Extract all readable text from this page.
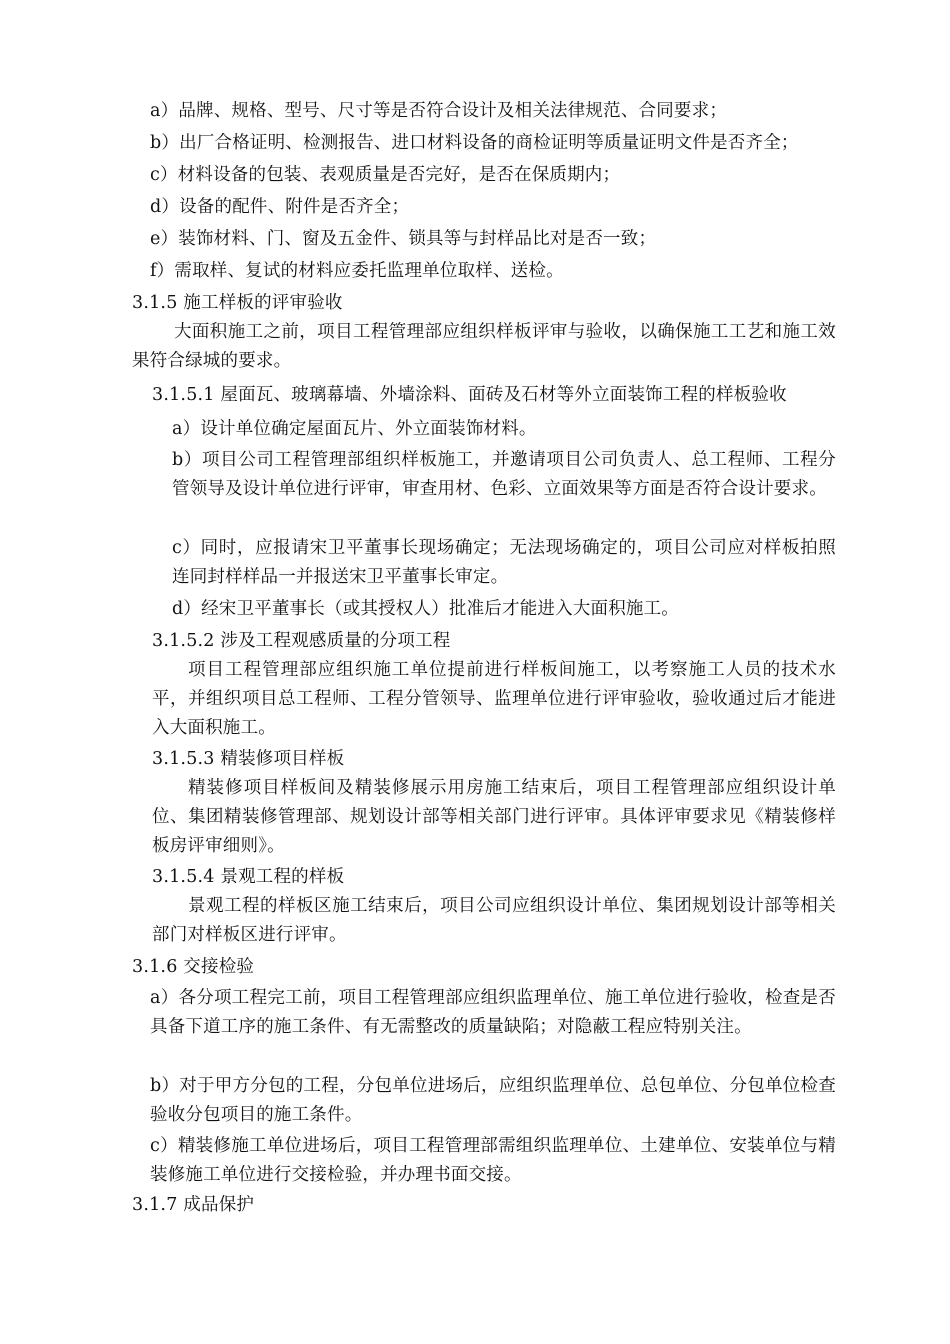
a）品牌、规格、型号、尺寸等是否符合设计及相关法律规范、合同要求；
b）出厂合格证明、检测报告、进口材料设备的商检证明等质量证明文件是否齐全；
c）材料设备的包装、表观质量是否完好，是否在保质期内；
d）设备的配件、附件是否齐全；
e）装饰材料、门、窗及五金件、锁具等与封样品比对是否一致；
f）需取样、复试的材料应委托监理单位取样、送检。
3.1.5 施工样板的评审验收
大面积施工之前，项目工程管理部应组织样板评审与验收，以确保施工工艺和施工效果符合绿城的要求。
3.1.5.1 屋面瓦、玻璃幕墙、外墙涂料、面砖及石材等外立面装饰工程的样板验收
a）设计单位确定屋面瓦片、外立面装饰材料。
b）项目公司工程管理部组织样板施工，并邀请项目公司负责人、总工程师、工程分管领导及设计单位进行评审，审查用材、色彩、立面效果等方面是否符合设计要求。
c）同时，应报请宋卫平董事长现场确定；无法现场确定的，项目公司应对样板拍照连同封样样品一并报送宋卫平董事长审定。
d）经宋卫平董事长（或其授权人）批准后才能进入大面积施工。
3.1.5.2 涉及工程观感质量的分项工程
项目工程管理部应组织施工单位提前进行样板间施工，以考察施工人员的技术水平，并组织项目总工程师、工程分管领导、监理单位进行评审验收，验收通过后才能进入大面积施工。
3.1.5.3 精装修项目样板
精装修项目样板间及精装修展示用房施工结束后，项目工程管理部应组织设计单位、集团精装修管理部、规划设计部等相关部门进行评审。具体评审要求见《精装修样板房评审细则》。
3.1.5.4 景观工程的样板
景观工程的样板区施工结束后，项目公司应组织设计单位、集团规划设计部等相关部门对样板区进行评审。
3.1.6 交接检验
a）各分项工程完工前，项目工程管理部应组织监理单位、施工单位进行验收，检查是否具备下道工序的施工条件、有无需整改的质量缺陷；对隐蔽工程应特别关注。
b）对于甲方分包的工程，分包单位进场后，应组织监理单位、总包单位、分包单位检查验收分包项目的施工条件。
c）精装修施工单位进场后，项目工程管理部需组织监理单位、土建单位、安装单位与精装修施工单位进行交接检验，并办理书面交接。
3.1.7 成品保护
